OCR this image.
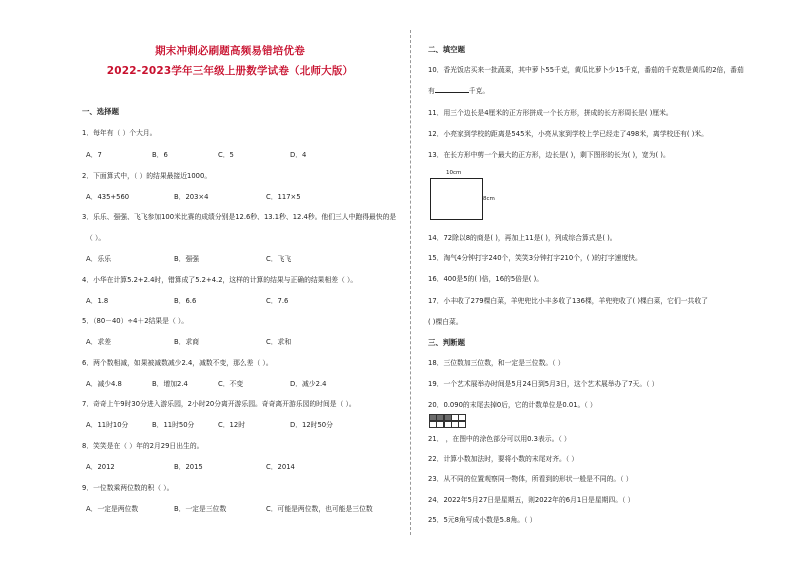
期末冲刺必刷题高频易错培优卷
2022-2023学年三年级上册数学试卷（北师大版）
一、选择题
1．每年有（ ）个大月。
A．7	B．6	C．5	D．4
2．下面算式中，（ ）的结果最接近1000。
A．435+560	B．203×4	C．117×5
3．乐乐、强强、飞飞参加100米比赛的成绩分别是12.6秒、13.1秒、12.4秒。他们三人中跑得最快的是
（ ）。
A．乐乐	B．强强	C．飞飞
4．小华在计算5.2+2.4时，错算成了5.2+4.2，这样的计算的结果与正确的结果相差（ ）。
A．1.8	B．6.6	C．7.6
5．（80－40）÷4＋2结果是（ ）。
A．求差	B．求商	C．求和
6．两个数相减，如果被减数减少2.4，减数不变，那么差（ ）。
A．减少4.8	B．增加2.4	C．不变	D．减少2.4
7．奇奇上午9时30分进入游乐园，2小时20分离开游乐园。奇奇离开游乐园的时间是（ ）。
A．11时10分	B．11时50分	C．12时	D．12时50分
8．笑笑是在（ ）年的2月29日出生的。
A．2012	B．2015	C．2014
9．一位数乘两位数的积（ ）。
A．一定是两位数	B．一定是三位数	C．可能是两位数，也可能是三位数
二、填空题
10．香光饭店买来一批蔬菜，其中萝卜55千克，黄瓜比萝卜少15千克，番茄的千克数是黄瓜的2倍，番茄
有	千克。
11．用三个边长是4厘米的正方形拼成一个长方形，拼成的长方形周长是( )厘米。
12．小亮家到学校的距离是545米，小亮从家到学校上学已经走了498米，离学校还有( )米。
13．在长方形中剪一个最大的正方形，边长是( )，剩下图形的长为( )，宽为( )。
10cm
8cm
14．72除以8的商是( )，再加上11是( )，列成综合算式是( )。
15．淘气4分钟打字240个，笑笑3分钟打字210个，( )的打字速度快。
16．400是5的( )倍，16的5倍是( )。
17．小丰收了279棵白菜，羊兜兜比小丰多收了136棵，羊兜兜收了( )棵白菜，它们一共收了
( )棵白菜。
三、判断题
18．三位数加三位数，和一定是三位数。（ ）
19．一个艺术展举办时间是5月24日到5月3日，这个艺术展举办了7天。（ ）
20．0.090的末尾去掉0后，它的计数单位是0.01。（ ）
21． ，在图中的涂色部分可以用0.3表示。（ ）
22．计算小数加法时，要将小数的末尾对齐。（ ）
23．从不同的位置观察同一物体，所看到的形状一般是不同的。（ ）
24．2022年5月27日是星期五，则2022年的6月1日是星期四。（ ）
25．5元8角写成小数是5.8角。（ ）
